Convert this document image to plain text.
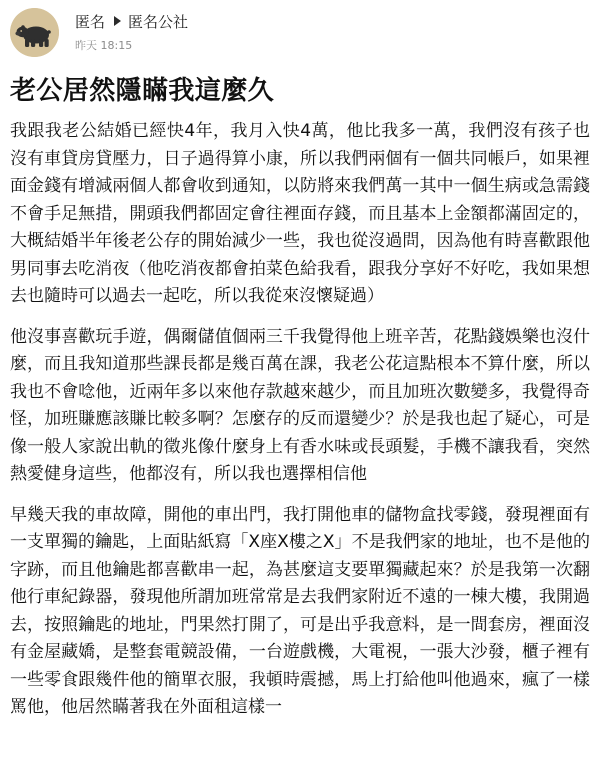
匿名 匿名公社
昨天 18:15
老公居然隱瞞我這麼久

我跟我老公結婚已經快4年，我月入快4萬，他比我多一萬，我們沒有孩子也沒有車貸房貸壓力，日子過得算小康，所以我們兩個有一個共同帳戶，如果裡面金錢有增減兩個人都會收到通知，以防將來我們萬一其中一個生病或急需錢不會手足無措，開頭我們都固定會往裡面存錢，而且基本上金額都滿固定的，大概結婚半年後老公存的開始減少一些，我也從沒過問，因為他有時喜歡跟他男同事去吃消夜（他吃消夜都會拍菜色給我看，跟我分享好不好吃，我如果想去也隨時可以過去一起吃，所以我從來沒懷疑過）

他沒事喜歡玩手遊，偶爾儲值個兩三千我覺得他上班辛苦，花點錢娛樂也沒什麼，而且我知道那些課長都是幾百萬在課，我老公花這點根本不算什麼，所以我也不會唸他，近兩年多以來他存款越來越少，而且加班次數變多，我覺得奇怪，加班賺應該賺比較多啊？怎麼存的反而還變少？於是我也起了疑心，可是像一般人家說出軌的徵兆像什麼身上有香水味或長頭髮，手機不讓我看，突然熱愛健身這些，他都沒有，所以我也選擇相信他

早幾天我的車故障，開他的車出門，我打開他車的儲物盒找零錢，發現裡面有一支單獨的鑰匙，上面貼紙寫「X座X樓之X」不是我們家的地址，也不是他的字跡，而且他鑰匙都喜歡串一起，為甚麼這支要單獨藏起來？於是我第一次翻他行車紀錄器，發現他所謂加班常常是去我們家附近不遠的一棟大樓，我開過去，按照鑰匙的地址，門果然打開了，可是出乎我意料，是一間套房，裡面沒有金屋藏嬌，是整套電競設備，一台遊戲機，大電視，一張大沙發，櫃子裡有一些零食跟幾件他的簡單衣服，我頓時震撼，馬上打給他叫他過來，瘋了一樣罵他，他居然瞞著我在外面租這樣一
